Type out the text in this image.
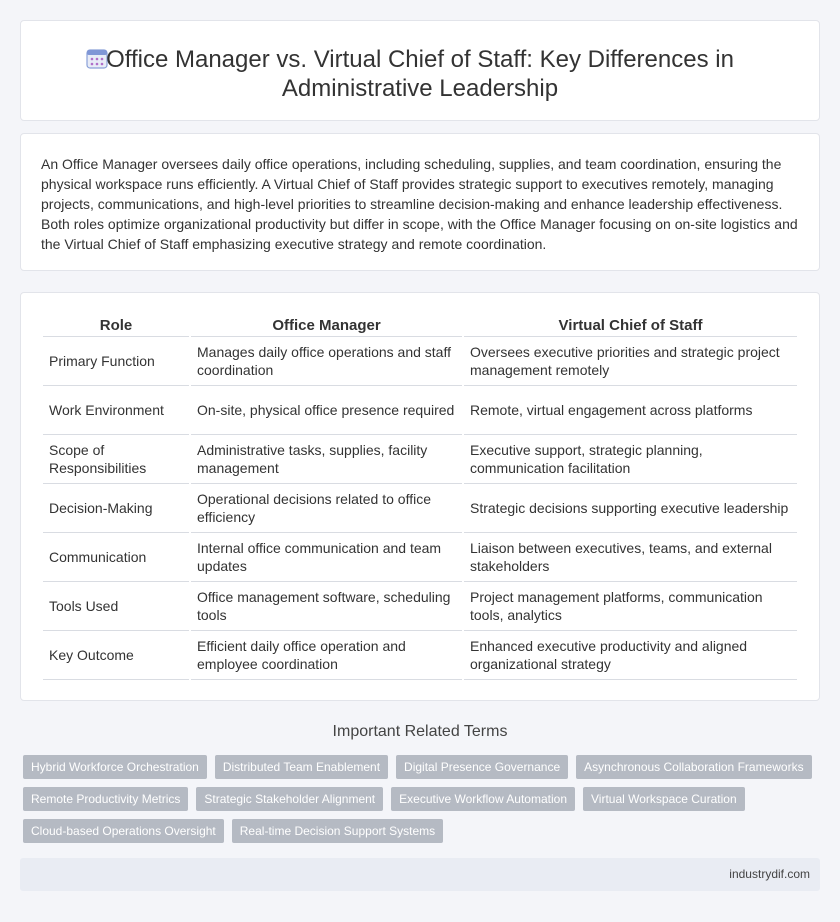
Office Manager vs. Virtual Chief of Staff: Key Differences in Administrative Leadership

An Office Manager oversees daily office operations, including scheduling, supplies, and team coordination, ensuring the physical workspace runs efficiently. A Virtual Chief of Staff provides strategic support to executives remotely, managing projects, communications, and high-level priorities to streamline decision-making and enhance leadership effectiveness. Both roles optimize organizational productivity but differ in scope, with the Office Manager focusing on on-site logistics and the Virtual Chief of Staff emphasizing executive strategy and remote coordination.

Role	Office Manager	Virtual Chief of Staff
Primary Function	Manages daily office operations and staff coordination	Oversees executive priorities and strategic project management remotely
Work Environment	On-site, physical office presence required	Remote, virtual engagement across platforms
Scope of Responsibilities	Administrative tasks, supplies, facility management	Executive support, strategic planning, communication facilitation
Decision-Making	Operational decisions related to office efficiency	Strategic decisions supporting executive leadership
Communication	Internal office communication and team updates	Liaison between executives, teams, and external stakeholders
Tools Used	Office management software, scheduling tools	Project management platforms, communication tools, analytics
Key Outcome	Efficient daily office operation and employee coordination	Enhanced executive productivity and aligned organizational strategy
Important Related Terms
Hybrid Workforce Orchestration	Distributed Team Enablement	Digital Presence Governance	Asynchronous Collaboration Frameworks
Remote Productivity Metrics	Strategic Stakeholder Alignment	Executive Workflow Automation	Virtual Workspace Curation
Cloud-based Operations Oversight	Real-time Decision Support Systems
industrydif.com
